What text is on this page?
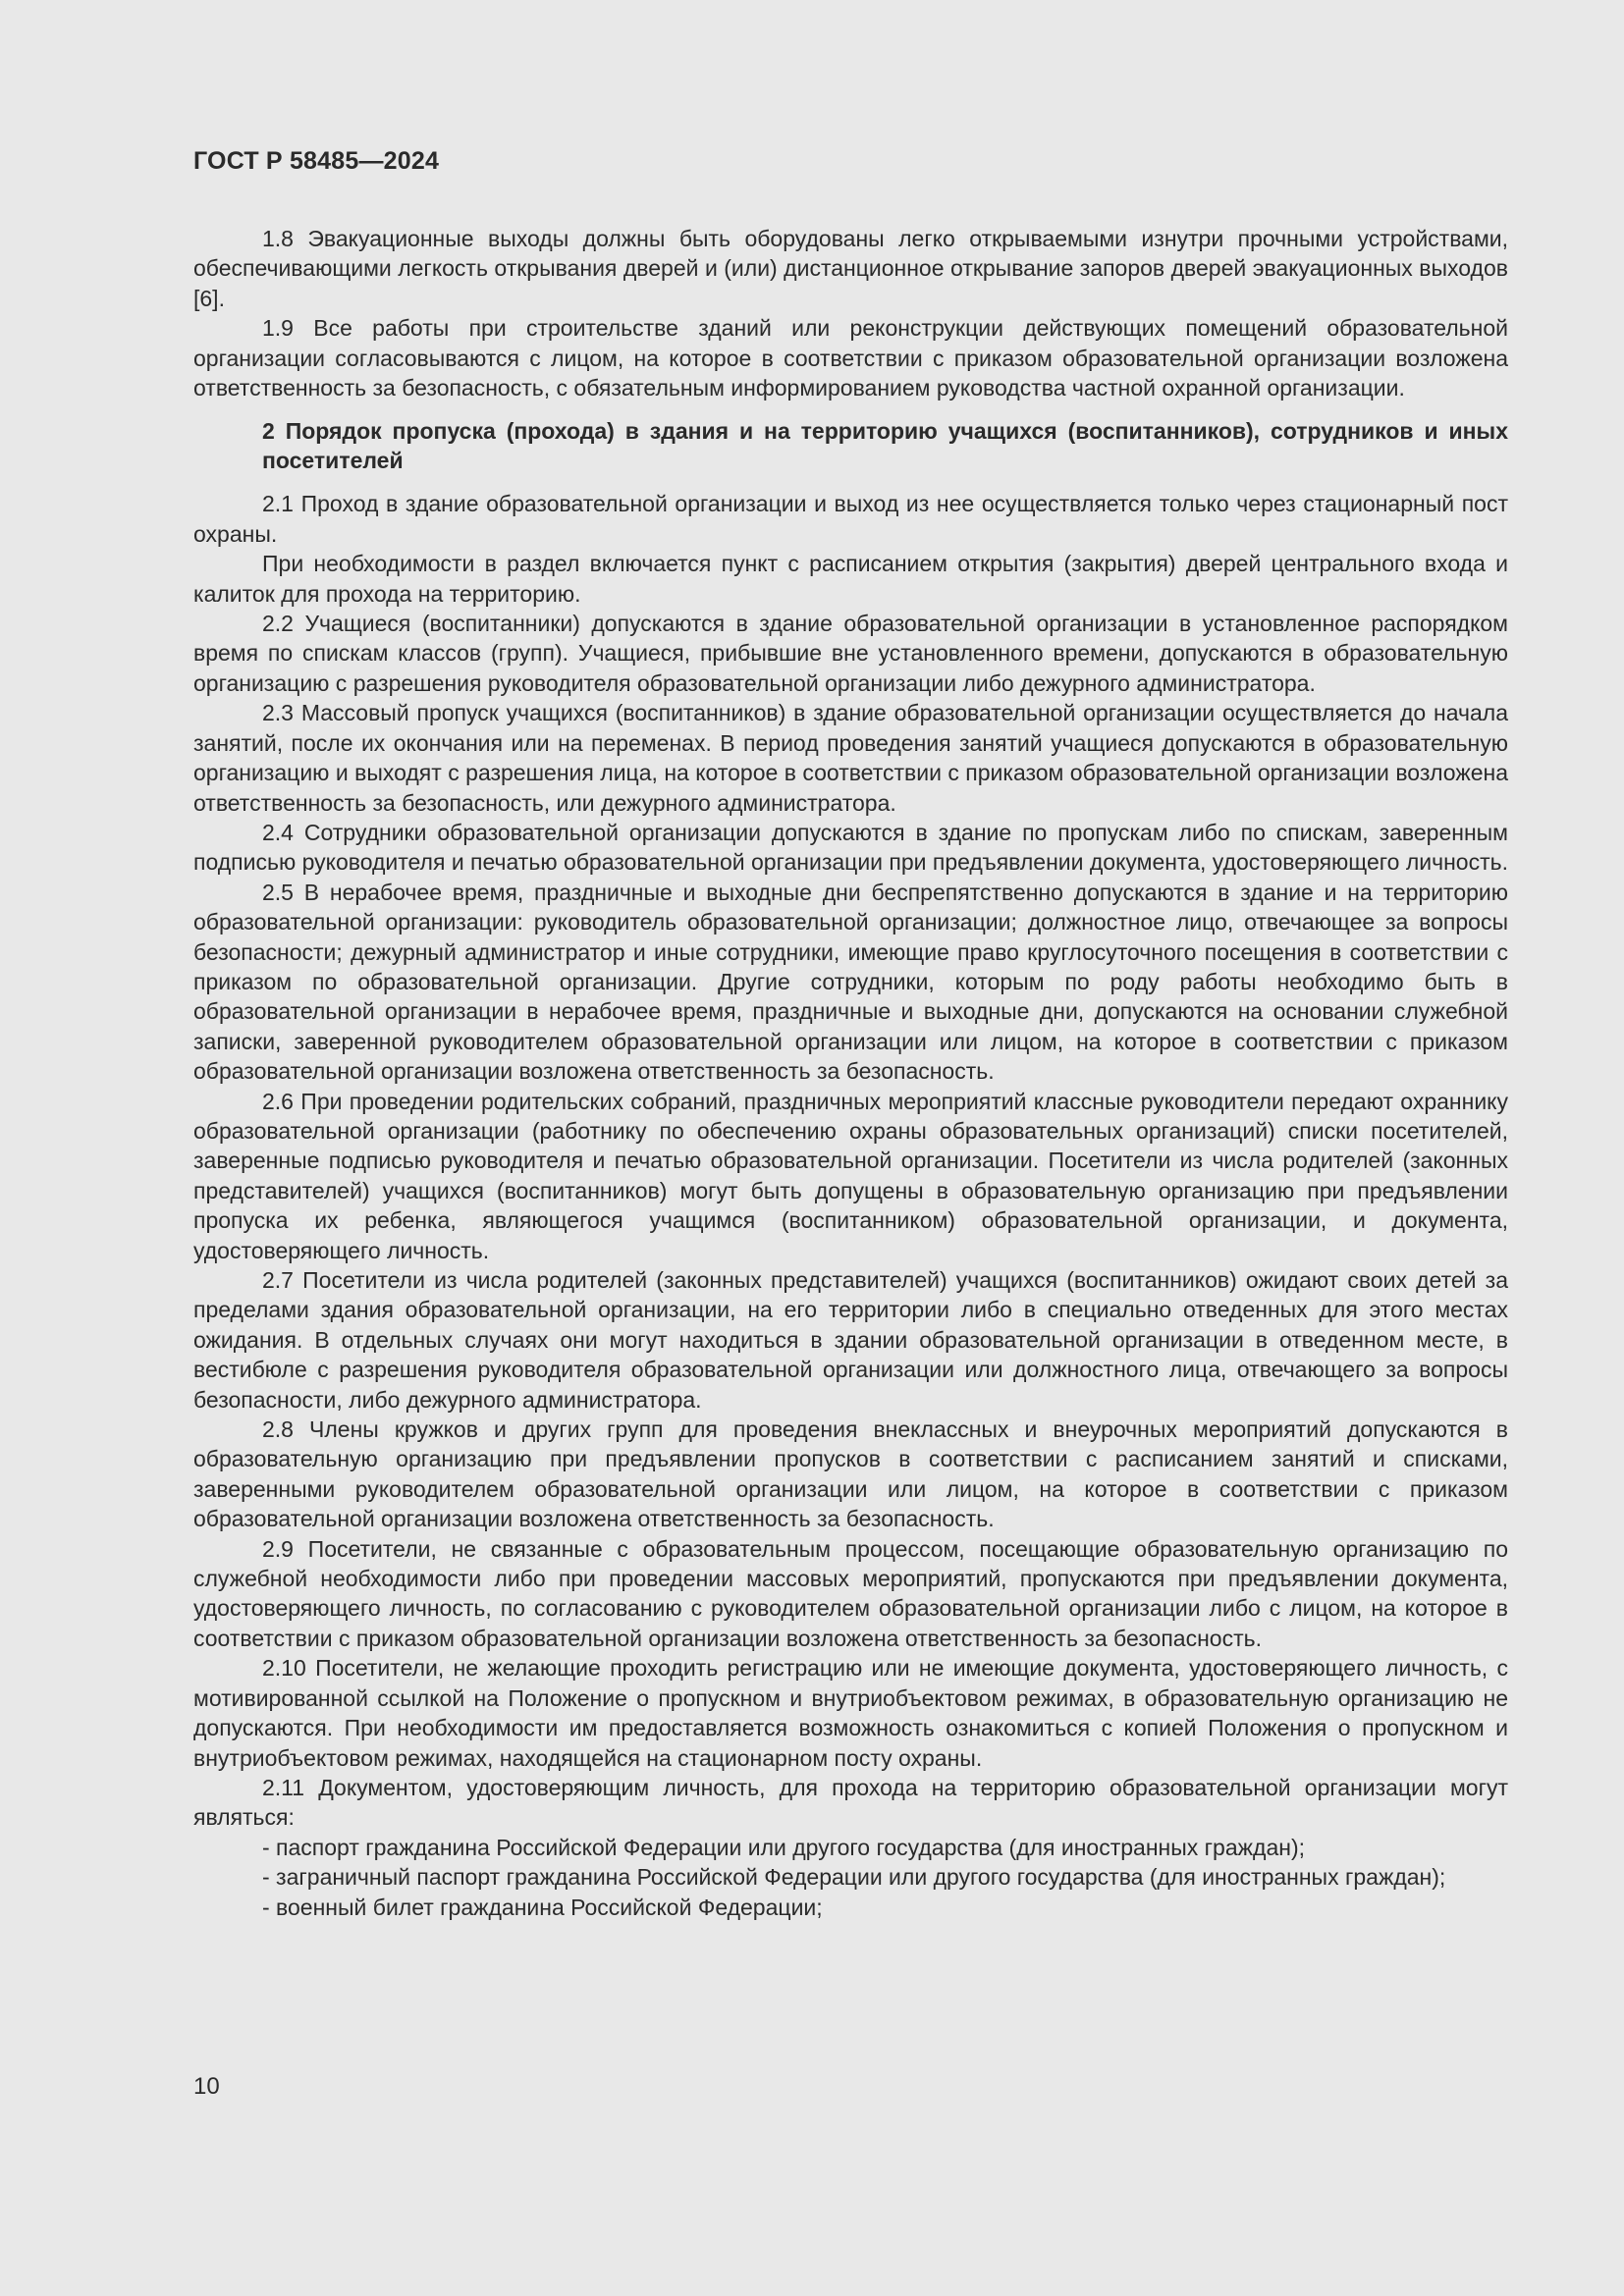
ГОСТ Р 58485—2024

1.8 Эвакуационные выходы должны быть оборудованы легко открываемыми изнутри прочными устройствами, обеспечивающими легкость открывания дверей и (или) дистанционное открывание запоров дверей эвакуационных выходов [6].

1.9 Все работы при строительстве зданий или реконструкции действующих помещений образовательной организации согласовываются с лицом, на которое в соответствии с приказом образовательной организации возложена ответственность за безопасность, с обязательным информированием руководства частной охранной организации.

2 Порядок пропуска (прохода) в здания и на территорию учащихся (воспитанников), сотрудников и иных посетителей

2.1 Проход в здание образовательной организации и выход из нее осуществляется только через стационарный пост охраны.

При необходимости в раздел включается пункт с расписанием открытия (закрытия) дверей центрального входа и калиток для прохода на территорию.

2.2 Учащиеся (воспитанники) допускаются в здание образовательной организации в установленное распорядком время по спискам классов (групп). Учащиеся, прибывшие вне установленного времени, допускаются в образовательную организацию с разрешения руководителя образовательной организации либо дежурного администратора.

2.3 Массовый пропуск учащихся (воспитанников) в здание образовательной организации осуществляется до начала занятий, после их окончания или на переменах. В период проведения занятий учащиеся допускаются в образовательную организацию и выходят с разрешения лица, на которое в соответствии с приказом образовательной организации возложена ответственность за безопасность, или дежурного администратора.

2.4 Сотрудники образовательной организации допускаются в здание по пропускам либо по спискам, заверенным подписью руководителя и печатью образовательной организации при предъявлении документа, удостоверяющего личность.

2.5 В нерабочее время, праздничные и выходные дни беспрепятственно допускаются в здание и на территорию образовательной организации: руководитель образовательной организации; должностное лицо, отвечающее за вопросы безопасности; дежурный администратор и иные сотрудники, имеющие право круглосуточного посещения в соответствии с приказом по образовательной организации. Другие сотрудники, которым по роду работы необходимо быть в образовательной организации в нерабочее время, праздничные и выходные дни, допускаются на основании служебной записки, заверенной руководителем образовательной организации или лицом, на которое в соответствии с приказом образовательной организации возложена ответственность за безопасность.

2.6 При проведении родительских собраний, праздничных мероприятий классные руководители передают охраннику образовательной организации (работнику по обеспечению охраны образовательных организаций) списки посетителей, заверенные подписью руководителя и печатью образовательной организации. Посетители из числа родителей (законных представителей) учащихся (воспитанников) могут быть допущены в образовательную организацию при предъявлении пропуска их ребенка, являющегося учащимся (воспитанником) образовательной организации, и документа, удостоверяющего личность.

2.7 Посетители из числа родителей (законных представителей) учащихся (воспитанников) ожидают своих детей за пределами здания образовательной организации, на его территории либо в специально отведенных для этого местах ожидания. В отдельных случаях они могут находиться в здании образовательной организации в отведенном месте, в вестибюле с разрешения руководителя образовательной организации или должностного лица, отвечающего за вопросы безопасности, либо дежурного администратора.

2.8 Члены кружков и других групп для проведения внеклассных и внеурочных мероприятий допускаются в образовательную организацию при предъявлении пропусков в соответствии с расписанием занятий и списками, заверенными руководителем образовательной организации или лицом, на которое в соответствии с приказом образовательной организации возложена ответственность за безопасность.

2.9 Посетители, не связанные с образовательным процессом, посещающие образовательную организацию по служебной необходимости либо при проведении массовых мероприятий, пропускаются при предъявлении документа, удостоверяющего личность, по согласованию с руководителем образовательной организации либо с лицом, на которое в соответствии с приказом образовательной организации возложена ответственность за безопасность.

2.10 Посетители, не желающие проходить регистрацию или не имеющие документа, удостоверяющего личность, с мотивированной ссылкой на Положение о пропускном и внутриобъектовом режимах, в образовательную организацию не допускаются. При необходимости им предоставляется возможность ознакомиться с копией Положения о пропускном и внутриобъектовом режимах, находящейся на стационарном посту охраны.

2.11 Документом, удостоверяющим личность, для прохода на территорию образовательной организации могут являться:

- паспорт гражданина Российской Федерации или другого государства (для иностранных граждан);

- заграничный паспорт гражданина Российской Федерации или другого государства (для иностранных граждан);

- военный билет гражданина Российской Федерации;

10
